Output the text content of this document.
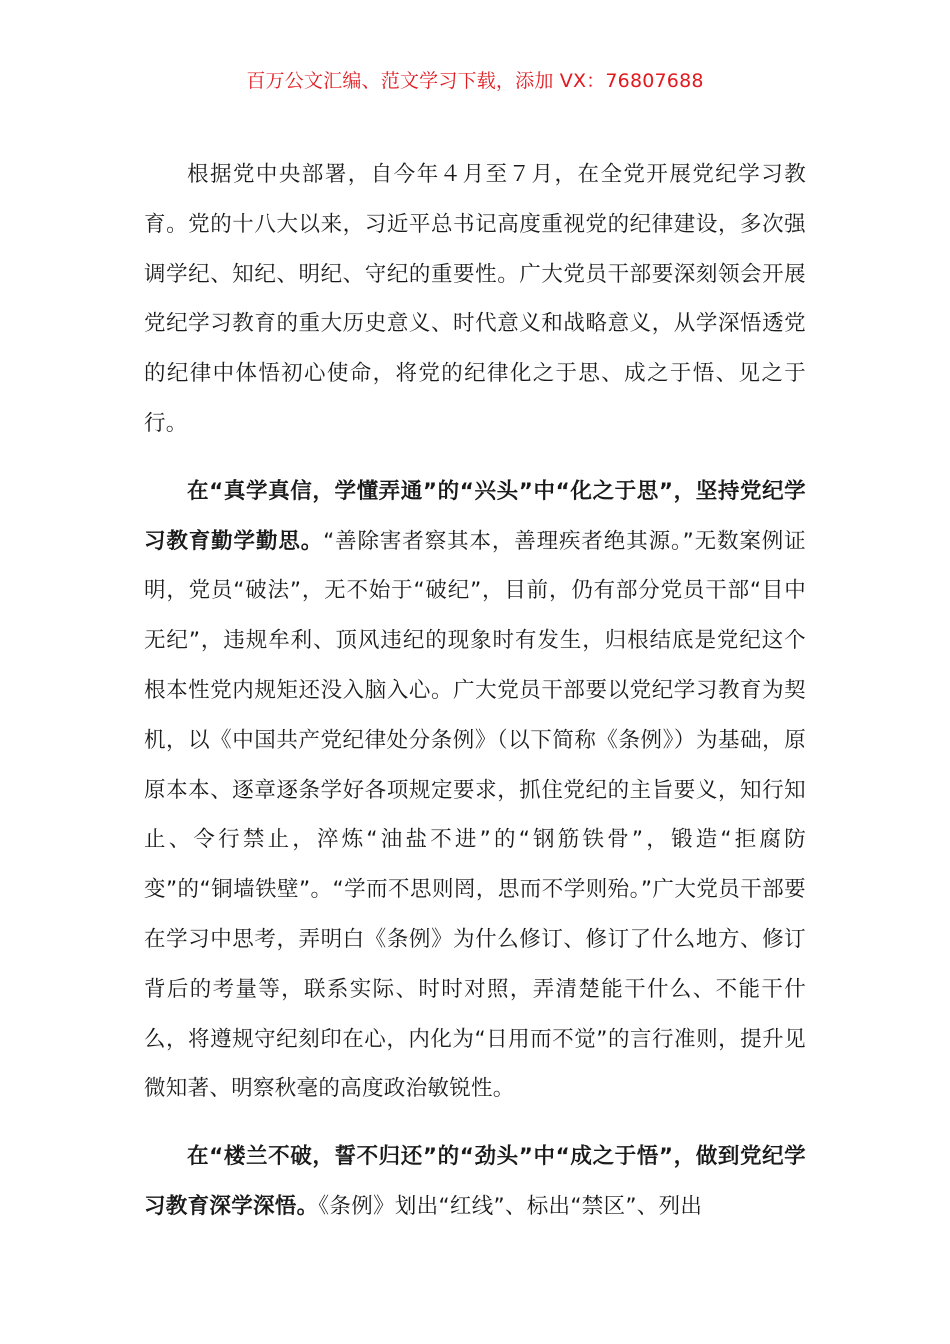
百万公文汇编、范文学习下载，添加 VX：76807688

根据党中央部署，自今年４月至７月，在全党开展党纪学习教育。党的十八大以来，习近平总书记高度重视党的纪律建设，多次强调学纪、知纪、明纪、守纪的重要性。广大党员干部要深刻领会开展党纪学习教育的重大历史意义、时代意义和战略意义，从学深悟透党的纪律中体悟初心使命，将党的纪律化之于思、成之于悟、见之于行。

在“真学真信，学懂弄通”的“兴头”中“化之于思”，坚持党纪学习教育勤学勤思。“善除害者察其本，善理疾者绝其源。”无数案例证明，党员“破法”，无不始于“破纪”，目前，仍有部分党员干部“目中无纪”，违规牟利、顶风违纪的现象时有发生，归根结底是党纪这个根本性党内规矩还没入脑入心。广大党员干部要以党纪学习教育为契机，以《中国共产党纪律处分条例》（以下简称《条例》）为基础，原原本本、逐章逐条学好各项规定要求，抓住党纪的主旨要义，知行知止、令行禁止，淬炼“油盐不进”的“钢筋铁骨”，锻造“拒腐防变”的“铜墙铁壁”。“学而不思则罔，思而不学则殆。”广大党员干部要在学习中思考，弄明白《条例》为什么修订、修订了什么地方、修订背后的考量等，联系实际、时时对照，弄清楚能干什么、不能干什么，将遵规守纪刻印在心，内化为“日用而不觉”的言行准则，提升见微知著、明察秋毫的高度政治敏锐性。

在“楼兰不破，誓不归还”的“劲头”中“成之于悟”，做到党纪学习教育深学深悟。《条例》划出“红线”、标出“禁区”、列出
